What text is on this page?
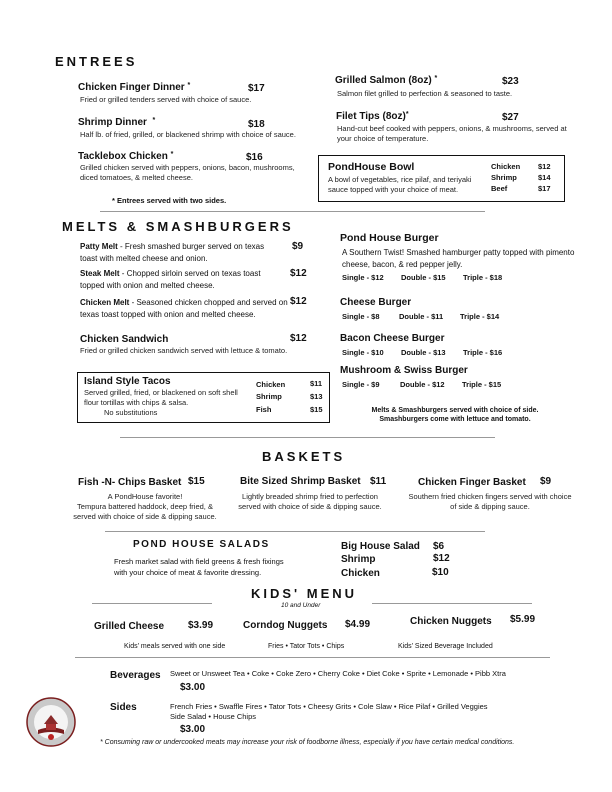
ENTREES
Chicken Finger Dinner *	$17
Fried or grilled tenders served with choice of sauce.
Shrimp Dinner *	$18
Half lb. of fried, grilled, or blackened shrimp with choice of sauce.
Tacklebox Chicken *	$16
Grilled chicken served with peppers, onions, bacon, mushrooms, diced tomatoes, & melted cheese.
* Entrees served with two sides.
Grilled Salmon (8oz) *	$23
Salmon filet grilled to perfection & seasoned to taste.
Filet Tips (8oz)*	$27
Hand-cut beef cooked with peppers, onions, & mushrooms, served at your choice of temperature.
PondHouse Bowl
A bowl of vegetables, rice pilaf, and teriyaki sauce topped with your choice of meat.
Chicken $12
Shrimp	$14
Beef	$17
MELTS & SMASHBURGERS
Patty Melt - Fresh smashed burger served on texas toast with melted cheese and onion.
$9
Steak Melt - Chopped sirloin served on texas toast topped with onion and melted cheese.
$12
Chicken Melt - Seasoned chicken chopped and served on texas toast topped with onion and melted cheese.
$12
Chicken Sandwich	$12
Fried or grilled chicken sandwich served with lettuce & tomato.
Island Style Tacos
Served grilled, fried, or blackened on soft shell flour tortillas with chips & salsa.
No substitutions
Chicken	$11
Shrimp	$13
Fish	$15
Pond House Burger
A Southern Twist! Smashed hamburger patty topped with pimento cheese, bacon, & red pepper jelly.
Single - $12 Double - $15 Triple - $18
Cheese Burger
Single - $8	Double - $11 Triple - $14
Bacon Cheese Burger
Single - $10 Double - $13 Triple - $16
Mushroom & Swiss Burger
Single - $9	Double - $12 Triple - $15
Melts & Smashburgers served with choice of side.
Smashburgers come with lettuce and tomato.
BASKETS
Fish -N- Chips Basket $15
A PondHouse favorite!
Tempura battered haddock, deep fried, & served with choice of side & dipping sauce.
Bite Sized Shrimp Basket $11
Lightly breaded shrimp fried to perfection served with choice of side & dipping sauce.
Chicken Finger Basket $9
Southern fried chicken fingers served with choice of side & dipping sauce.
POND HOUSE SALADS
Fresh market salad with field greens & fresh fixings with your choice of meat & favorite dressing.
Big House Salad $6
Shrimp	$12
Chicken	$10
KIDS' MENU
10 and Under
Grilled Cheese $3.99	Corndog Nuggets $4.99	Chicken Nuggets $5.99
Kids' meals served with one side	Fries • Tator Tots • Chips	Kids' Sized Beverage Included
Beverages Sweet or Unsweet Tea • Coke • Coke Zero • Cherry Coke • Diet Coke • Sprite • Lemonade • Pibb Xtra
$3.00
Sides	French Fries • Swaffle Fires • Tator Tots • Cheesy Grits • Cole Slaw • Rice Pilaf • Grilled Veggies
Side Salad • House Chips
$3.00
* Consuming raw or undercooked meats may increase your risk of foodborne illness, especially if you have certain medical conditions.
